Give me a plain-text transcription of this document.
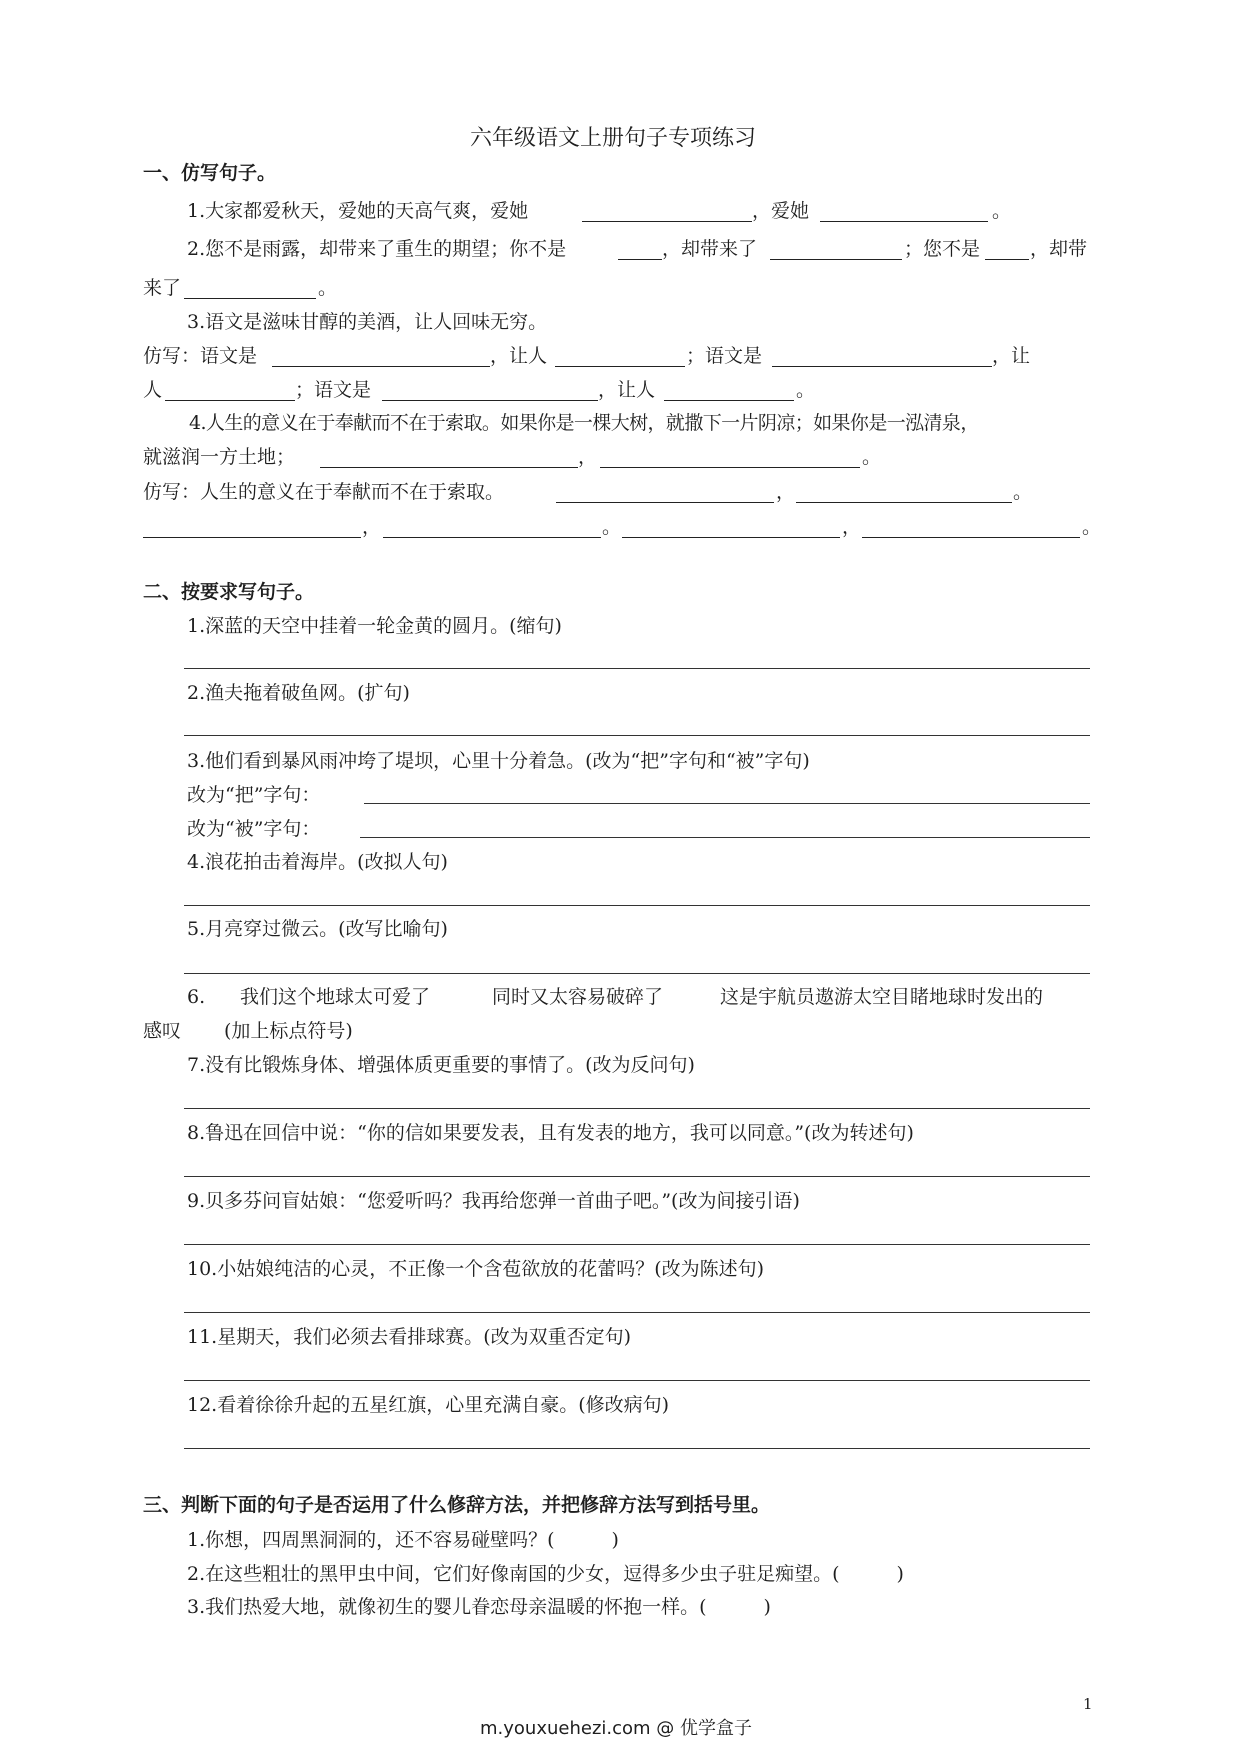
六年级语文上册句子专项练习
一、仿写句子。
1.大家都爱秋天，爱她的天高气爽，爱她	，爱她	。
2.您不是雨露，却带来了重生的期望；你不是	，却带来了	；您不是	，却带
来了	。
3.语文是滋味甘醇的美酒，让人回味无穷。
仿写：语文是	，让人	；语文是	，让
人	；语文是	，让人	。
4.人生的意义在于奉献而不在于索取。如果你是一棵大树，就撒下一片阴凉；如果你是一泓清泉，
就滋润一方土地；	，	。
仿写：人生的意义在于奉献而不在于索取。	，	。
，	。	，	。
二、按要求写句子。
1.深蓝的天空中挂着一轮金黄的圆月。(缩句)
2.渔夫拖着破鱼网。(扩句)
3.他们看到暴风雨冲垮了堤坝，心里十分着急。(改为“把”字句和“被”字句)
改为“把”字句：
改为“被”字句：
4.浪花拍击着海岸。(改拟人句)
5.月亮穿过微云。(改写比喻句)
6. 我们这个地球太可爱了	同时又太容易破碎了	这是宇航员遨游太空目睹地球时发出的
感叹 (加上标点符号)
7.没有比锻炼身体、增强体质更重要的事情了。(改为反问句)
8.鲁迅在回信中说：“你的信如果要发表，且有发表的地方，我可以同意。”(改为转述句)
9.贝多芬问盲姑娘：“您爱听吗？我再给您弹一首曲子吧。”(改为间接引语)
10.小姑娘纯洁的心灵，不正像一个含苞欲放的花蕾吗？(改为陈述句)
11.星期天，我们必须去看排球赛。(改为双重否定句)
12.看着徐徐升起的五星红旗，心里充满自豪。(修改病句)
三、判断下面的句子是否运用了什么修辞方法，并把修辞方法写到括号里。
1.你想，四周黑洞洞的，还不容易碰壁吗？(　　　)
2.在这些粗壮的黑甲虫中间，它们好像南国的少女，逗得多少虫子驻足痴望。(　　　)
3.我们热爱大地，就像初生的婴儿眷恋母亲温暖的怀抱一样。(　　　)
1
m.youxuehezi.com @ 优学盒子
